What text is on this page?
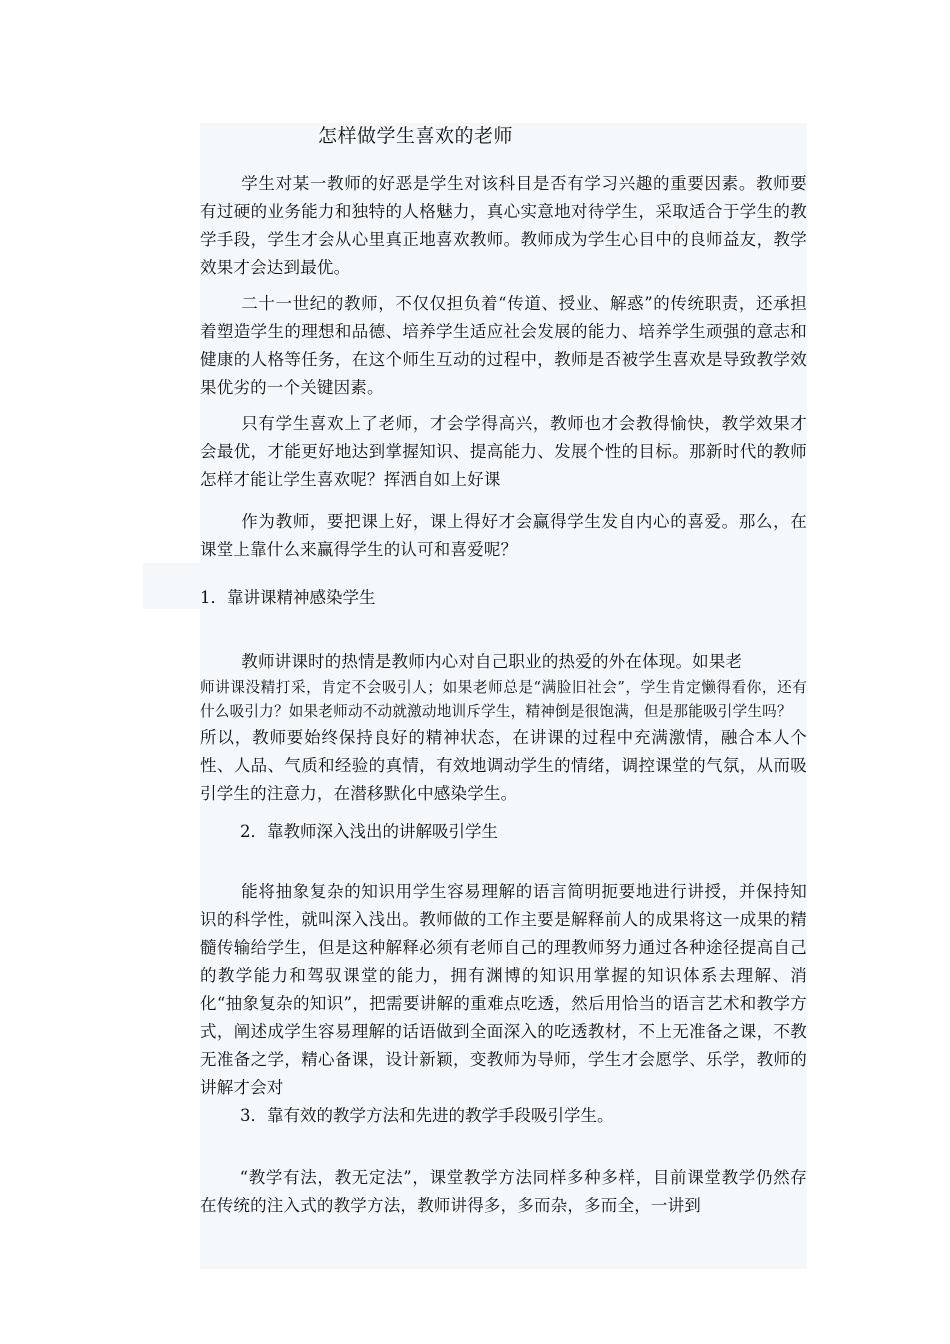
怎样做学生喜欢的老师

学生对某一教师的好恶是学生对该科目是否有学习兴趣的重要因素。教师要有过硬的业务能力和独特的人格魅力，真心实意地对待学生，采取适合于学生的教学手段，学生才会从心里真正地喜欢教师。教师成为学生心目中的良师益友，教学效果才会达到最优。

二十一世纪的教师，不仅仅担负着“传道、授业、解惑”的传统职责，还承担着塑造学生的理想和品德、培养学生适应社会发展的能力、培养学生顽强的意志和健康的人格等任务，在这个师生互动的过程中，教师是否被学生喜欢是导致教学效果优劣的一个关键因素。

只有学生喜欢上了老师，才会学得高兴，教师也才会教得愉快，教学效果才会最优，才能更好地达到掌握知识、提高能力、发展个性的目标。那新时代的教师怎样才能让学生喜欢呢？挥洒自如上好课

作为教师，要把课上好，课上得好才会赢得学生发自内心的喜爱。那么，在课堂上靠什么来赢得学生的认可和喜爱呢？

1．靠讲课精神感染学生

教师讲课时的热情是教师内心对自己职业的热爱的外在体现。如果老

师讲课没精打采，肯定不会吸引人；如果老师总是“满脸旧社会”，学生肯定懒得看你，还有什么吸引力？如果老师动不动就激动地训斥学生，精神倒是很饱满，但是那能吸引学生吗？

所以，教师要始终保持良好的精神状态，在讲课的过程中充满激情，融合本人个性、人品、气质和经验的真情，有效地调动学生的情绪，调控课堂的气氛，从而吸引学生的注意力，在潜移默化中感染学生。

2．靠教师深入浅出的讲解吸引学生

能将抽象复杂的知识用学生容易理解的语言简明扼要地进行讲授，并保持知识的科学性，就叫深入浅出。教师做的工作主要是解释前人的成果将这一成果的精髓传输给学生，但是这种解释必须有老师自己的理教师努力通过各种途径提高自己的教学能力和驾驭课堂的能力，拥有渊博的知识用掌握的知识体系去理解、消化“抽象复杂的知识”，把需要讲解的重难点吃透，然后用恰当的语言艺术和教学方式，阐述成学生容易理解的话语做到全面深入的吃透教材，不上无准备之课，不教无准备之学，精心备课，设计新颖，变教师为导师，学生才会愿学、乐学，教师的讲解才会对

3．靠有效的教学方法和先进的教学手段吸引学生。

“教学有法，教无定法”，课堂教学方法同样多种多样，目前课堂教学仍然存在传统的注入式的教学方法，教师讲得多，多而杂，多而全，一讲到
